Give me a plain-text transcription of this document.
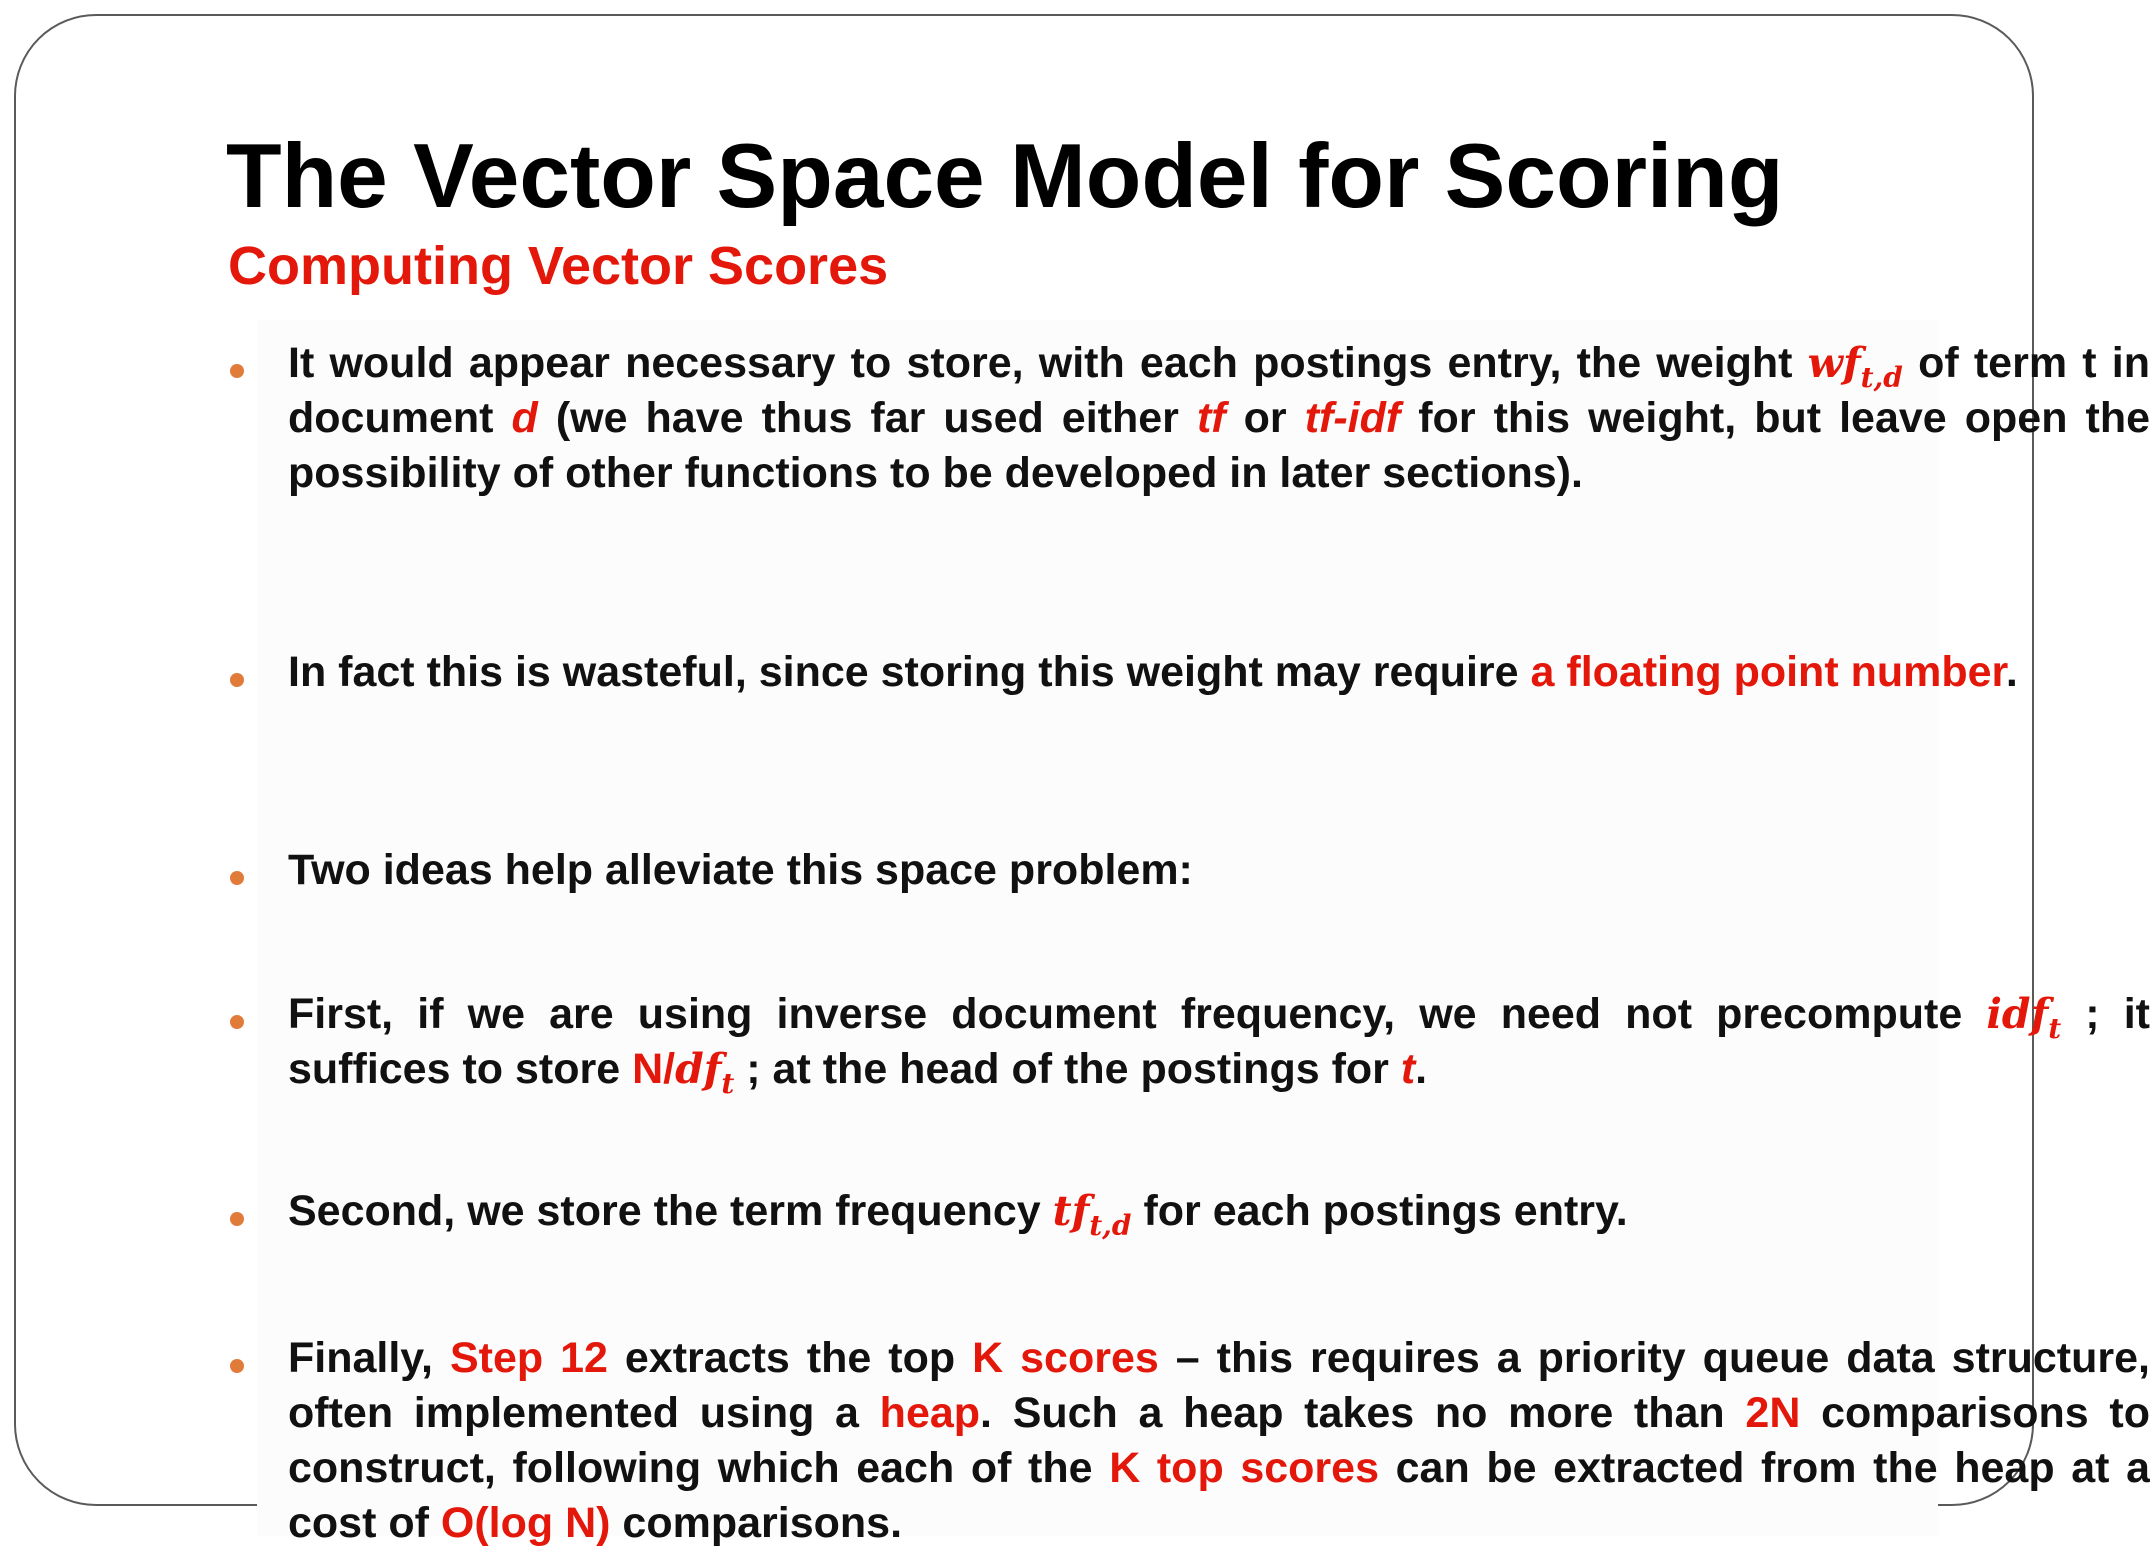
The Vector Space Model for Scoring
Computing Vector Scores

It would appear necessary to store, with each postings entry, the weight $wf_{t,d}$ of term t in document d (we have thus far used either tf or tf-idf for this weight, but leave open the possibility of other functions to be developed in later sections).

In fact this is wasteful, since storing this weight may require a floating point number.

Two ideas help alleviate this space problem:

First, if we are using inverse document frequency, we need not precompute idf$_t$ ; it suffices to store $N/df_t$ ; at the head of the postings for t.

Second, we store the term frequency $tf_{t,d}$ for each postings entry.

Finally, Step 12 extracts the top K scores – this requires a priority queue data structure, often implemented using a heap. Such a heap takes no more than 2N comparisons to construct, following which each of the K top scores can be extracted from the heap at a cost of O(log N) comparisons.
